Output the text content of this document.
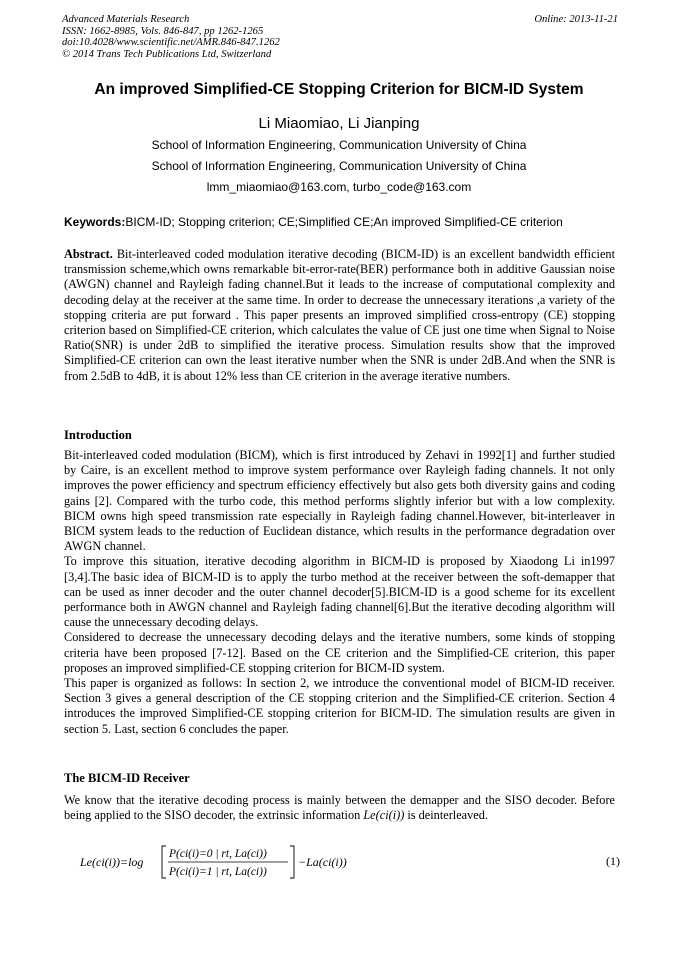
Advanced Materials Research
ISSN: 1662-8985, Vols. 846-847, pp 1262-1265
doi:10.4028/www.scientific.net/AMR.846-847.1262
© 2014 Trans Tech Publications Ltd, Switzerland
Online: 2013-11-21
An improved Simplified-CE Stopping Criterion for BICM-ID System
Li Miaomiao, Li Jianping
School of Information Engineering, Communication University of China
School of Information Engineering, Communication University of China
lmm_miaomiao@163.com, turbo_code@163.com
Keywords:BICM-ID; Stopping criterion; CE;Simplified CE;An improved Simplified-CE criterion

Abstract. Bit-interleaved coded modulation iterative decoding (BICM-ID) is an excellent bandwidth efficient transmission scheme,which owns remarkable bit-error-rate(BER) performance both in additive Gaussian noise (AWGN) channel and Rayleigh fading channel.But it leads to the increase of computational complexity and decoding delay at the receiver at the same time. In order to decrease the unnecessary iterations ,a variety of the stopping criteria are put forward . This paper presents an improved simplified cross-entropy (CE) stopping criterion based on Simplified-CE criterion, which calculates the value of CE just one time when Signal to Noise Ratio(SNR) is under 2dB to simplified the iterative process. Simulation results show that the improved Simplified-CE criterion can own the least iterative number when the SNR is under 2dB.And when the SNR is from 2.5dB to 4dB, it is about 12% less than CE criterion in the average iterative numbers.

Introduction
Bit-interleaved coded modulation (BICM), which is first introduced by Zehavi in 1992[1] and further studied by Caire, is an excellent method to improve system performance over Rayleigh fading channels. It not only improves the power efficiency and spectrum efficiency effectively but also gets both diversity gains and coding gains [2]. Compared with the turbo code, this method performs slightly inferior but with a low complexity. BICM owns high speed transmission rate especially in Rayleigh fading channel.However, bit-interleaver in BICM system leads to the reduction of Euclidean distance, which results in the performance degradation over AWGN channel.
To improve this situation, iterative decoding algorithm in BICM-ID is proposed by Xiaodong Li in1997 [3,4].The basic idea of BICM-ID is to apply the turbo method at the receiver between the soft-demapper that can be used as inner decoder and the outer channel decoder[5].BICM-ID is a good scheme for its excellent performance both in AWGN channel and Rayleigh fading channel[6].But the iterative decoding algorithm will cause the unnecessary decoding delays.
Considered to decrease the unnecessary decoding delays and the iterative numbers, some kinds of stopping criteria have been proposed [7-12]. Based on the CE criterion and the Simplified-CE criterion, this paper proposes an improved simplified-CE stopping criterion for BICM-ID system.
This paper is organized as follows: In section 2, we introduce the conventional model of BICM-ID receiver. Section 3 gives a general description of the CE stopping criterion and the Simplified-CE criterion. Section 4 introduces the improved Simplified-CE stopping criterion for BICM-ID. The simulation results are given in section 5. Last, section 6 concludes the paper.
The BICM-ID Receiver
We know that the iterative decoding process is mainly between the demapper and the SISO decoder. Before being applied to the SISO decoder, the extrinsic information Le(ci(i)) is deinterleaved.
Le(ci(i))=log
P(ci(i)=0 | rt, La(ci))
P(ci(i)=1 | rt, La(ci))
−La(ci(i))	(1)
